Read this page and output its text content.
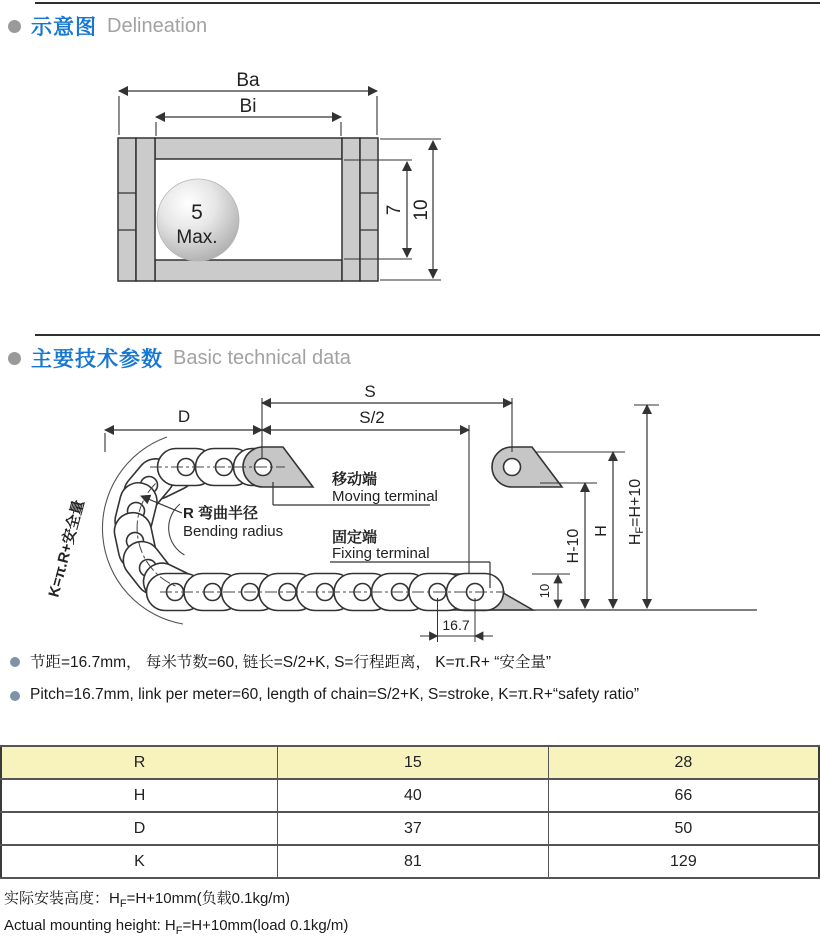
示意图 Delineation
5
Max.
Ba
Bi
7 10
主要技术参数 Basic technical data
D
S
S/2
K=π.R+安全量	R 弯曲半径
Bending radius
移动端
Moving terminal
固定端
Fixing terminal	H-10 H
HF=H+10
10
16.7
节距=16.7mm， 每米节数=60, 链长=S/2+K, S=行程距离， K=π.R+ “安全量”
Pitch=16.7mm, link per meter=60, length of chain=S/2+K, S=stroke, K=π.R+“safety ratio”
R	15	28
H	40	66
D	37	50
K	81	129
实际安装高度：$H_F=H+10mm$(负载0.1kg/m)
Actual mounting height: $H_F=H+10mm(load$ 0.1kg/m)
